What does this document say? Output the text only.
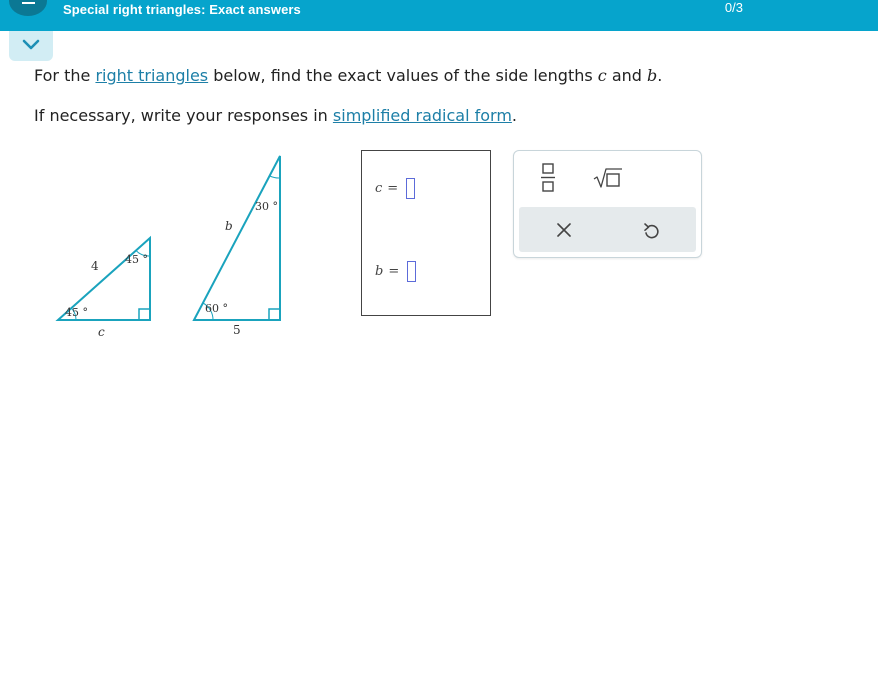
Special right triangles: Exact answers	0/3
For the right triangles below, find the exact values of the side lengths c and b.
If necessary, write your responses in simplified radical form.
45 °
45 °
4
c
30 °
60 °
b
5
c =
b =
